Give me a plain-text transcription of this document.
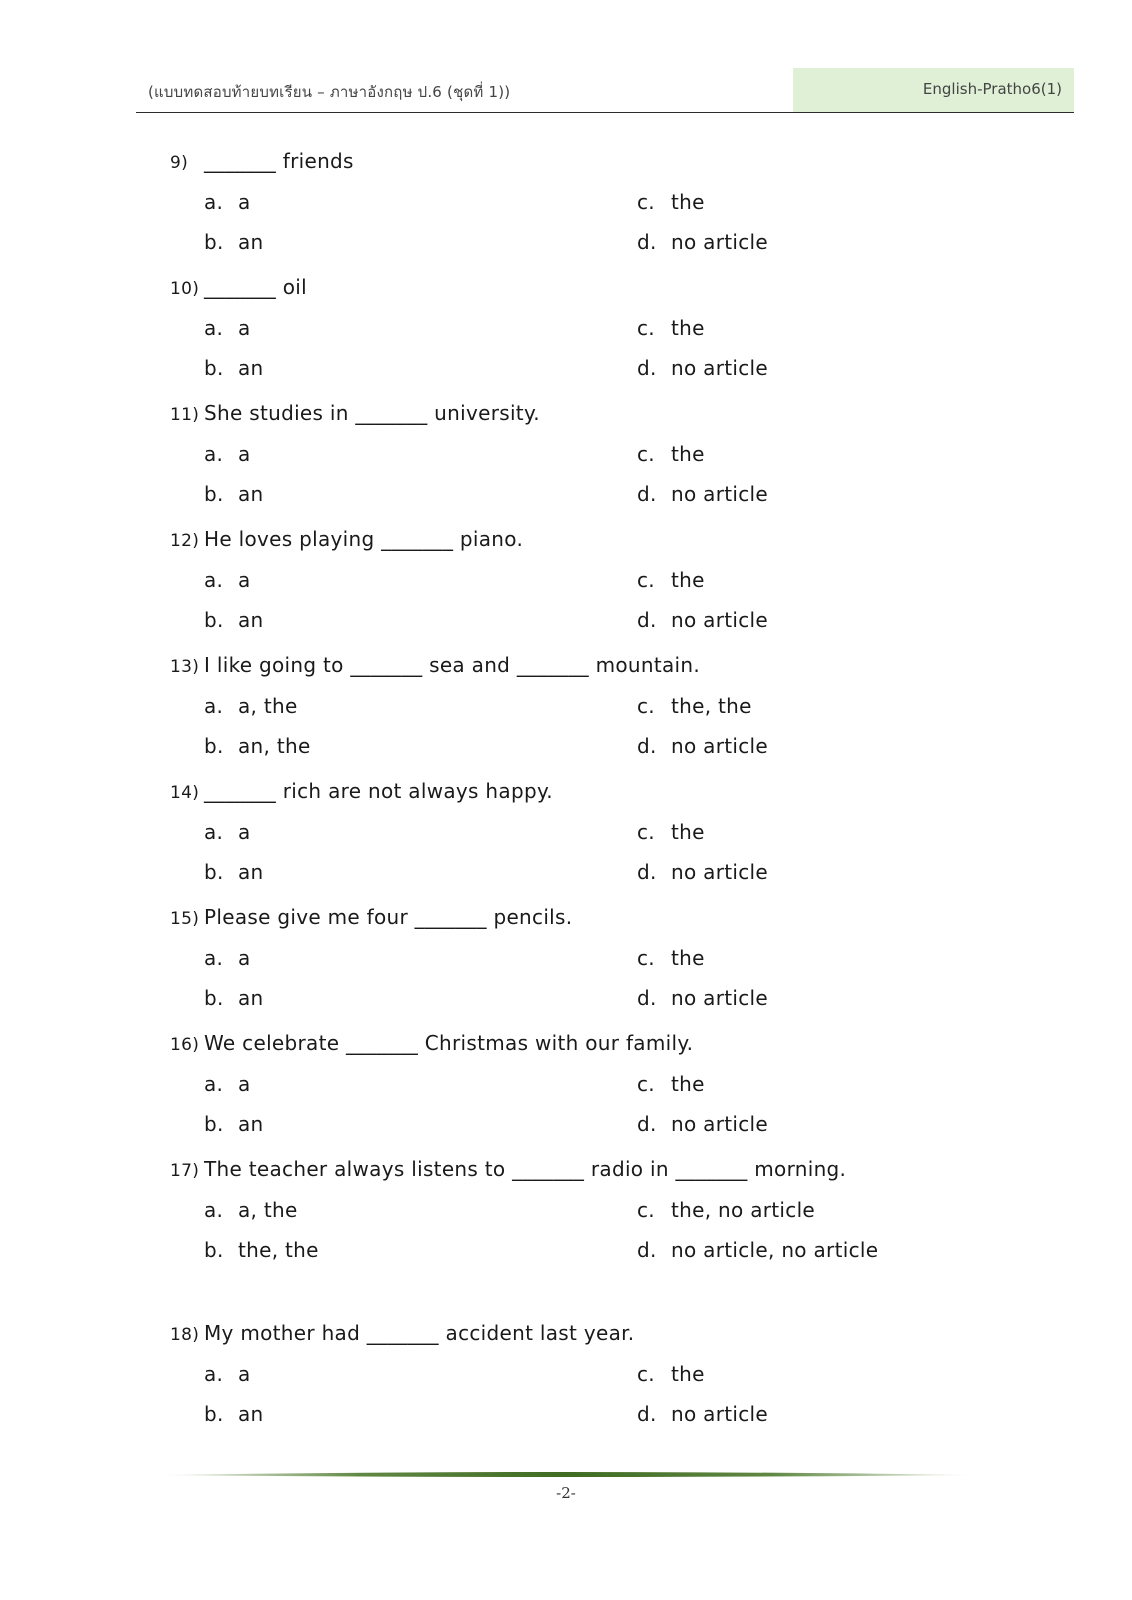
(แบบทดสอบท้ายบทเรียน – ภาษาอังกฤษ ป.6 (ชุดที่ 1))	English-Pratho6(1)
9) _______ friends
a. a	c. the
b. an	d. no article
10) _______ oil
a. a	c. the
b. an	d. no article
11) She studies in _______ university.
a. a	c. the
b. an	d. no article
12) He loves playing _______ piano.
a. a	c. the
b. an	d. no article
13) I like going to _______ sea and _______ mountain.
a. a, the	c. the, the
b. an, the	d. no article
14) _______ rich are not always happy.
a. a	c. the
b. an	d. no article
15) Please give me four _______ pencils.
a. a	c. the
b. an	d. no article
16) We celebrate _______ Christmas with our family.
a. a	c. the
b. an	d. no article
17) The teacher always listens to _______ radio in _______ morning.
a. a, the	c. the, no article
b. the, the	d. no article, no article
18) My mother had _______ accident last year.
a. a	c. the
b. an	d. no article
-2-
